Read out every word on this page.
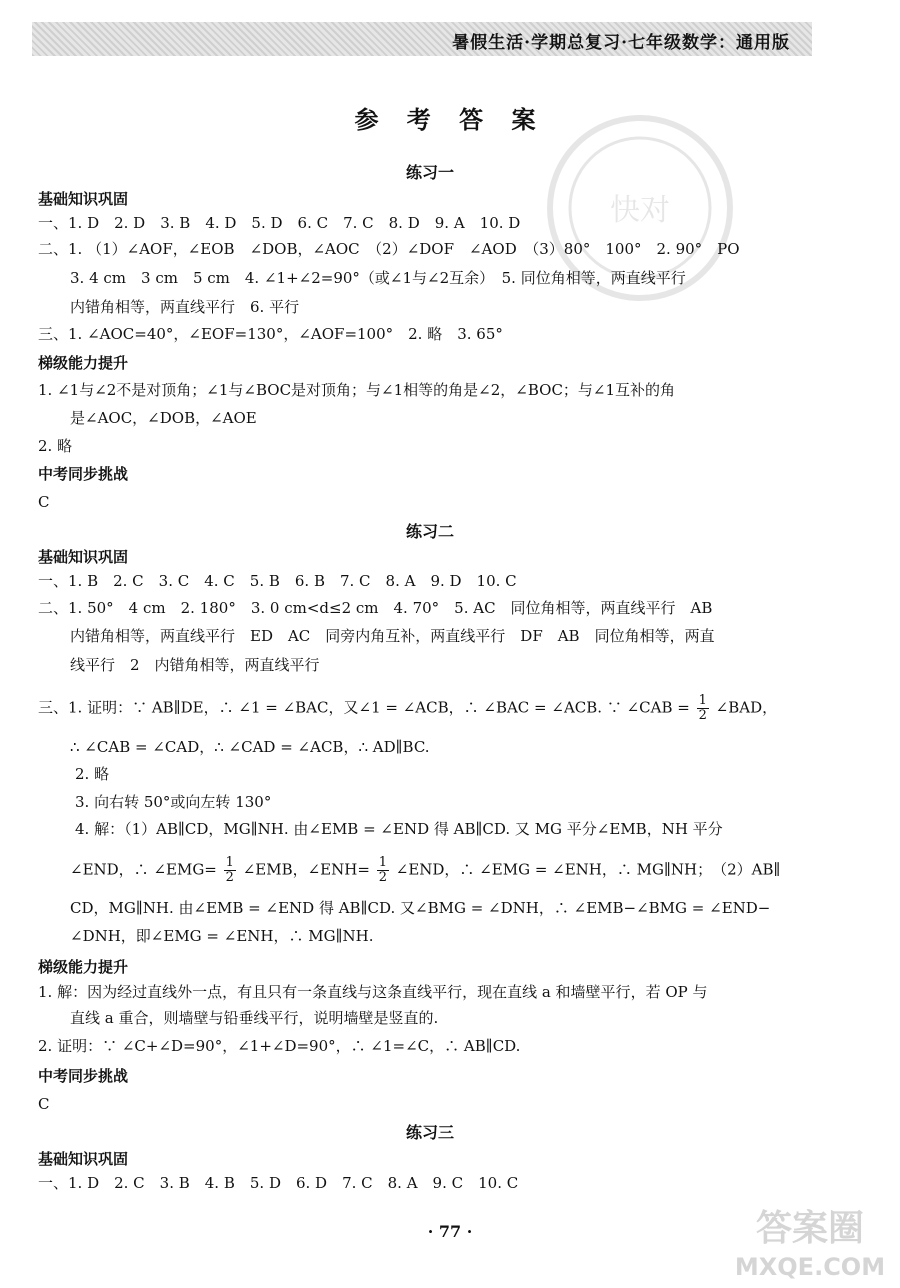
暑假生活·学期总复习·七年级数学：通用版
快对
参 考 答 案
练习一
基础知识巩固
一、1. D　2. D　3. B　4. D　5. D　6. C　7. C　8. D　9. A　10. D
二、1. （1）∠AOF，∠EOB　∠DOB，∠AOC　（2）∠DOF　∠AOD　（3）80°　100°　2. 90°　PO
3. 4 cm　3 cm　5 cm　4. ∠1+∠2=90°（或∠1与∠2互余）　5. 同位角相等，两直线平行
内错角相等，两直线平行　6. 平行
三、1. ∠AOC=40°，∠EOF=130°，∠AOF=100°　2. 略　3. 65°
梯级能力提升
1. ∠1与∠2不是对顶角；∠1与∠BOC是对顶角；与∠1相等的角是∠2，∠BOC；与∠1互补的角
是∠AOC，∠DOB，∠AOE
2. 略
中考同步挑战
C
练习二
基础知识巩固
一、1. B　2. C　3. C　4. C　5. B　6. B　7. C　8. A　9. D　10. C
二、1. 50°　4 cm　2. 180°　3. 0 cm<d≤2 cm　4. 70°　5. AC　同位角相等，两直线平行　AB
内错角相等，两直线平行　ED　AC　同旁内角互补，两直线平行　DF　AB　同位角相等，两直
线平行　2　内错角相等，两直线平行
三、1. 证明：∵ AB∥DE，∴ ∠1 = ∠BAC，又∠1 = ∠ACB，∴ ∠BAC = ∠ACB. ∵ ∠CAB = $\frac{1}{2}$ ∠BAD，
∴ ∠CAB = ∠CAD，∴ ∠CAD = ∠ACB，∴ AD∥BC.
2. 略
3. 向右转 50°或向左转 130°
4. 解：（1）AB∥CD，MG∥NH. 由∠EMB = ∠END 得 AB∥CD. 又 MG 平分∠EMB，NH 平分
∠END，∴ ∠EMG= $\frac{1}{2}$ ∠EMB，∠ENH= $\frac{1}{2}$ ∠END，∴ ∠EMG = ∠ENH，∴ MG∥NH；　（2）AB∥
CD，MG∥NH. 由∠EMB = ∠END 得 AB∥CD. 又∠BMG = ∠DNH，∴ ∠EMB−∠BMG = ∠END−
∠DNH，即∠EMG = ∠ENH，∴ MG∥NH.
梯级能力提升
1. 解：因为经过直线外一点，有且只有一条直线与这条直线平行，现在直线 a 和墙壁平行，若 OP 与
直线 a 重合，则墙壁与铅垂线平行，说明墙壁是竖直的.
2. 证明：∵ ∠C+∠D=90°，∠1+∠D=90°，∴ ∠1=∠C，∴ AB∥CD.
中考同步挑战
C
练习三
基础知识巩固
一、1. D　2. C　3. B　4. B　5. D　6. D　7. C　8. A　9. C　10. C
· 77 ·	答案圈
MXQE.COM
